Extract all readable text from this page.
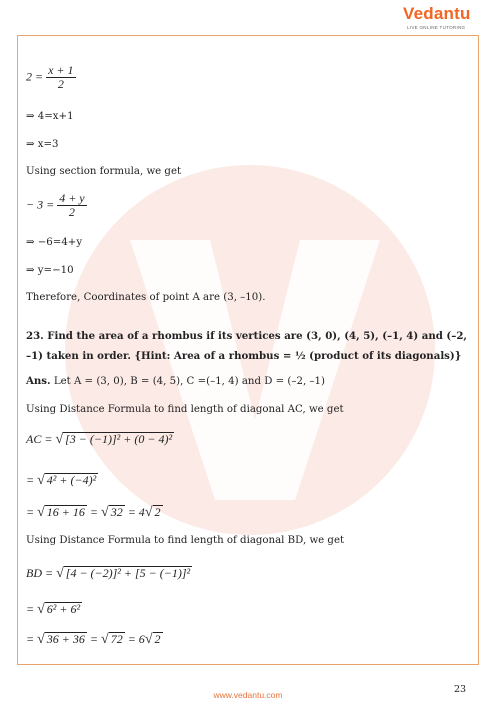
Vedantu
LIVE ONLINE TUTORING
$2 = \frac{x + 1}{2}$
⇒ 4=x+1
⇒ x=3
Using section formula, we get
− $3 = \frac{4 + y}{2}$
⇒ −6=4+y
⇒ y=−10
Therefore, Coordinates of point A are (3, –10).
23. Find the area of a rhombus if its vertices are (3, 0), (4, 5), (–1, 4) and (–2, –1) taken in order. {Hint: Area of a rhombus = ½ (product of its diagonals)}
Ans. Let A = (3, 0), B = (4, 5), C =(–1, 4) and D = (–2, –1)
Using Distance Formula to find length of diagonal AC, we get
AC = √ [3 − (−1)]² + (0 − 4)²
= √ 4² + (−4)²
= √ 16 + 16 = √ 32 = 4√ 2
Using Distance Formula to find length of diagonal BD, we get
BD = √ [4 − (−2)]² + [5 − (−1)]²
= √ 6² + 6²
= √ 36 + 36 = √ 72 = 6√ 2
23
www.vedantu.com
